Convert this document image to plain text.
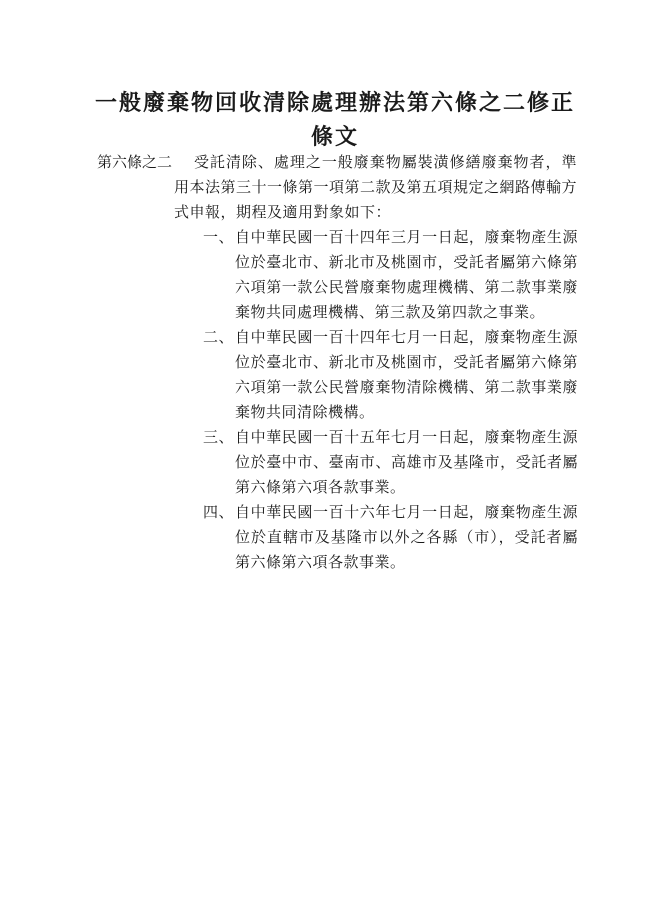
一般廢棄物回收清除處理辦法第六條之二修正條文
第六條之二	受託清除、處理之一般廢棄物屬裝潢修繕廢棄物者，準用本法第三十一條第一項第二款及第五項規定之網路傳輸方式申報，期程及適用對象如下：

一、 自中華民國一百十四年三月一日起，廢棄物產生源位於臺北市、新北市及桃園市，受託者屬第六條第六項第一款公民營廢棄物處理機構、第二款事業廢棄物共同處理機構、第三款及第四款之事業。
二、 自中華民國一百十四年七月一日起，廢棄物產生源位於臺北市、新北市及桃園市，受託者屬第六條第六項第一款公民營廢棄物清除機構、第二款事業廢棄物共同清除機構。
三、 自中華民國一百十五年七月一日起，廢棄物產生源位於臺中市、臺南市、高雄市及基隆市，受託者屬第六條第六項各款事業。
四、 自中華民國一百十六年七月一日起，廢棄物產生源位於直轄市及基隆市以外之各縣（市），受託者屬第六條第六項各款事業。
